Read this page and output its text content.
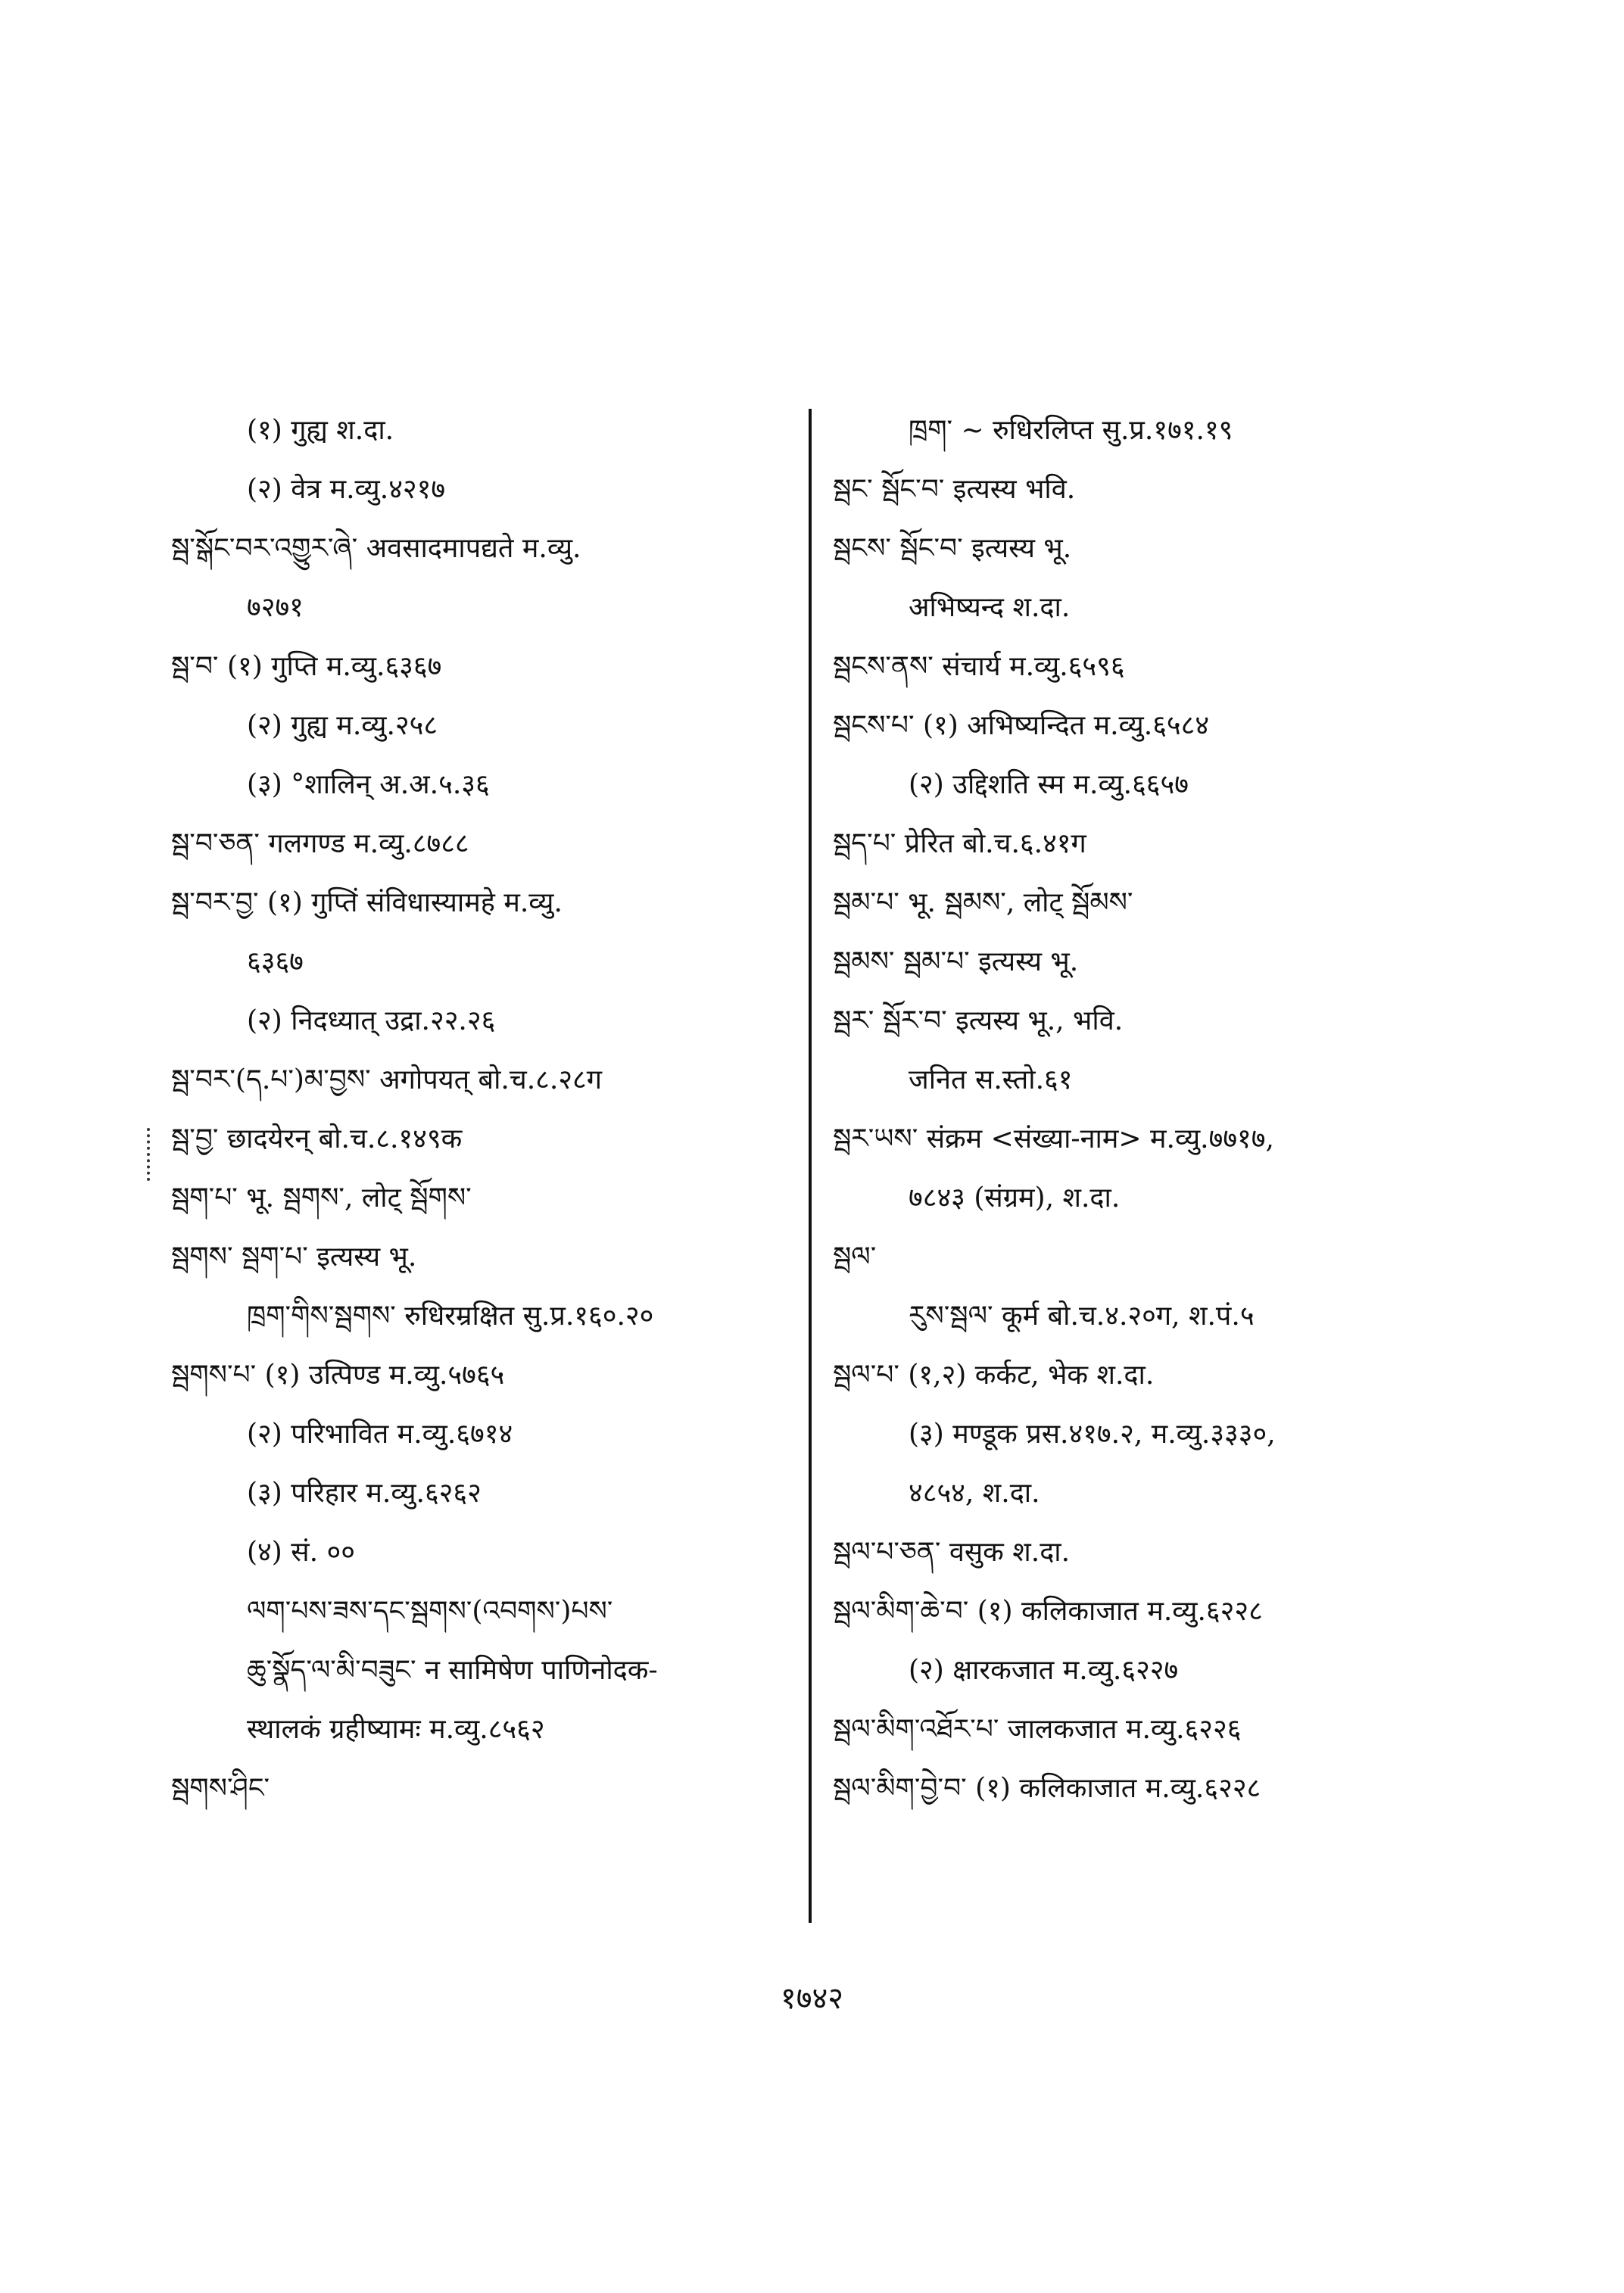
(१) गुह्य श.दा.
(२) वेत्र म.व्यु.४२१७
སྦ་སྒོང་བར་འགྱུར་ཞེ་ अवसादमापद्यते म.व्यु.
७२७१
སྦ་བ་ (१) गुप्ति म.व्यु.६३६७
(२) गुह्य म.व्यु.२५८
(३) °शालिन् अ.अ.५.३६
སྦ་བ་ཅན་ गलगण्ड म.व्यु.८७८८
སྦ་བར་བྱ་ (१) गुप्तिं संविधास्यामहे म.व्यु.
६३६७
(२) निदध्यात् उद्रा.२२.२६
སྦ་བར་(ད.པ་)མ་བྱས་ अगोपयत् बो.च.८.२८ग
སྦ་བྱ་ छादयेरन् बो.च.८.१४९क
སྦག་པ་ भू. སྦགས་, लोट् སྦོགས་
སྦགས་ སྦག་པ་ इत्यस्य भू.
ཁྲག་གིས་སྦགས་ रुधिरम्रक्षित सु.प्र.१६०.२०
སྦགས་པ་ (१) उत्पिण्ड म.व्यु.५७६५
(२) परिभावित म.व्यु.६७१४
(३) परिहार म.व्यु.६२६२
(४) सं. ००
ལག་པས་ཟས་དང་སྦགས་(འབགས་)པས་
ཆུ་སྣོད་ལ་མི་བཟུང་ न सामिषेण पाणिनोदक-
स्थालकं ग्रहीष्यामः म.व्यु.८५६२
སྦགས་ཤིང་
ཁྲག་ ~ रुधिरलिप्त सु.प्र.१७१.१९
སྦང་ སྦོང་བ་ इत्यस्य भवि.
སྦངས་ སྦོང་བ་ इत्यस्य भू.
अभिष्यन्द श.दा.
སྦངས་ནས་ संचार्य म.व्यु.६५९६
སྦངས་པ་ (१) अभिष्यन्दित म.व्यु.६५८४
(२) उद्दिशति स्म म.व्यु.६६५७
སྦད་པ་ प्रेरित बो.च.६.४१ग
སྦམ་པ་ भू. སྦམས་, लोट् སྦོམས་
སྦམས་ སྦམ་པ་ इत्यस्य भू.
སྦར་ སྦོར་བ་ इत्यस्य भू., भवि.
जनित स.स्तो.६१
སྦར་ཡས་ संक्रम <संख्या-नाम> म.व्यु.७७१७,
७८४३ (संग्रम), श.दा.
སྦལ་
རུས་སྦལ་ कूर्म बो.च.४.२०ग, श.पं.५
སྦལ་པ་ (१,२) कर्कट, भेक श.दा.
(३) मण्डूक प्रस.४१७.२, म.व्यु.३३३०,
४८५४, श.दा.
སྦལ་པ་ཅན་ वसुक श.दा.
སྦལ་མིག་ཆེ་བ་ (१) कलिकाजात म.व्यु.६२२८
(२) क्षारकजात म.व्यु.६२२७
སྦལ་མིག་འཐོར་པ་ जालकजात म.व्यु.६२२६
སྦལ་མིག་བྱེ་བ་ (१) कलिकाजात म.व्यु.६२२८
१७४२
